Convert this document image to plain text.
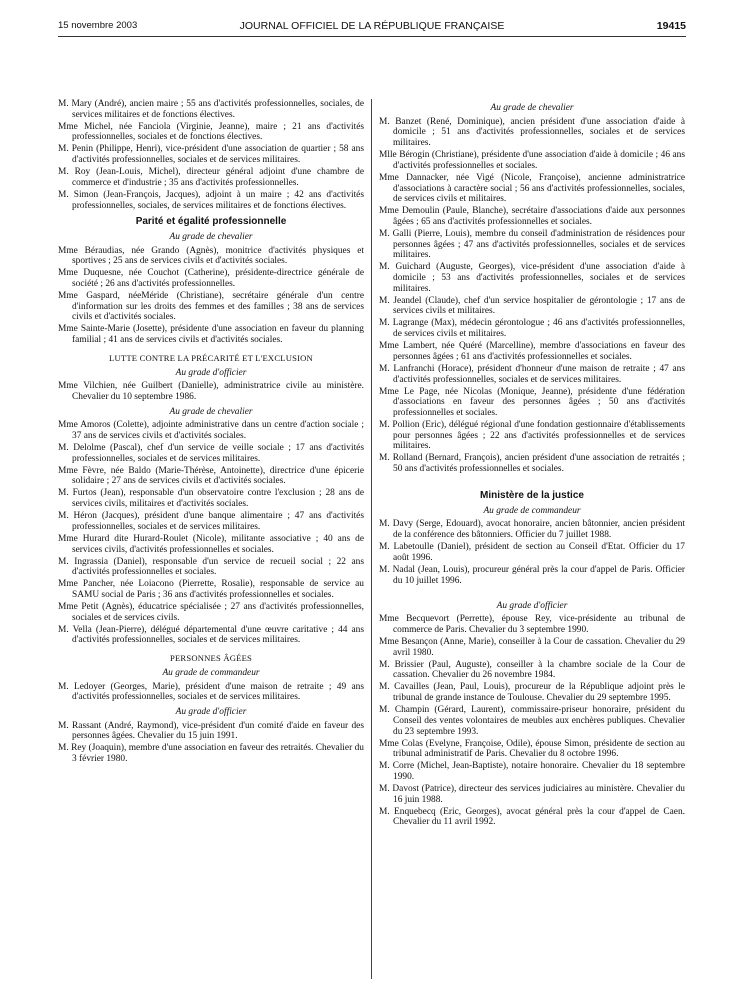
15 novembre 2003	JOURNAL OFFICIEL DE LA RÉPUBLIQUE FRANÇAISE	19415

M. Mary (André), ancien maire ; 55 ans d'activités professionnelles, sociales, de services militaires et de fonctions électives.

Mme Michel, née Fanciola (Virginie, Jeanne), maire ; 21 ans d'activités professionnelles, sociales et de fonctions électives.

M. Penin (Philippe, Henri), vice-président d'une association de quartier ; 58 ans d'activités professionnelles, sociales et de services militaires.

M. Roy (Jean-Louis, Michel), directeur général adjoint d'une chambre de commerce et d'industrie ; 35 ans d'activités professionnelles.

M. Simon (Jean-François, Jacques), adjoint à un maire ; 42 ans d'activités professionnelles, sociales, de services militaires et de fonctions électives.

Parité et égalité professionnelle

Au grade de chevalier

Mme Béraudias, née Grando (Agnès), monitrice d'activités physiques et sportives ; 25 ans de services civils et d'activités sociales.

Mme Duquesne, née Couchot (Catherine), présidente-directrice générale de société ; 26 ans d'activités professionnelles.

Mme Gaspard, néeMéride (Christiane), secrétaire générale d'un centre d'information sur les droits des femmes et des familles ; 38 ans de services civils et d'activités sociales.

Mme Sainte-Marie (Josette), présidente d'une association en faveur du planning familial ; 41 ans de services civils et d'activités sociales.

LUTTE CONTRE LA PRÉCARITÉ ET L'EXCLUSION

Au grade d'officier

Mme Vilchien, née Guilbert (Danielle), administratrice civile au ministère. Chevalier du 10 septembre 1986.

Au grade de chevalier

Mme Amoros (Colette), adjointe administrative dans un centre d'action sociale ; 37 ans de services civils et d'activités sociales.

M. Delolme (Pascal), chef d'un service de veille sociale ; 17 ans d'activités professionnelles, sociales et de services militaires.

Mme Fèvre, née Baldo (Marie-Thérèse, Antoinette), directrice d'une épicerie solidaire ; 27 ans de services civils et d'activités sociales.

M. Furtos (Jean), responsable d'un observatoire contre l'exclusion ; 28 ans de services civils, militaires et d'activités sociales.

M. Héron (Jacques), président d'une banque alimentaire ; 47 ans d'activités professionnelles, sociales et de services militaires.

Mme Hurard dite Hurard-Roulet (Nicole), militante associative ; 40 ans de services civils, d'activités professionnelles et sociales.

M. Ingrassia (Daniel), responsable d'un service de recueil social ; 22 ans d'activités professionnelles et sociales.

Mme Pancher, née Loiacono (Pierrette, Rosalie), responsable de service au SAMU social de Paris ; 36 ans d'activités professionnelles et sociales.

Mme Petit (Agnès), éducatrice spécialisée ; 27 ans d'activités professionnelles, sociales et de services civils.

M. Vella (Jean-Pierre), délégué départemental d'une œuvre caritative ; 44 ans d'activités professionnelles, sociales et de services militaires.

PERSONNES ÂGÉES

Au grade de commandeur

M. Ledoyer (Georges, Marie), président d'une maison de retraite ; 49 ans d'activités professionnelles, sociales et de services militaires.

Au grade d'officier

M. Rassant (André, Raymond), vice-président d'un comité d'aide en faveur des personnes âgées. Chevalier du 15 juin 1991.

M. Rey (Joaquin), membre d'une association en faveur des retraités. Chevalier du 3 février 1980.

Au grade de chevalier

M. Banzet (René, Dominique), ancien président d'une association d'aide à domicile ; 51 ans d'activités professionnelles, sociales et de services militaires.

Mlle Bérogin (Christiane), présidente d'une association d'aide à domicile ; 46 ans d'activités professionnelles et sociales.

Mme Dannacker, née Vigé (Nicole, Françoise), ancienne administratrice d'associations à caractère social ; 56 ans d'activités professionnelles, sociales, de services civils et militaires.

Mme Demoulin (Paule, Blanche), secrétaire d'associations d'aide aux personnes âgées ; 65 ans d'activités professionnelles et sociales.

M. Galli (Pierre, Louis), membre du conseil d'administration de résidences pour personnes âgées ; 47 ans d'activités professionnelles, sociales et de services militaires.

M. Guichard (Auguste, Georges), vice-président d'une association d'aide à domicile ; 53 ans d'activités professionnelles, sociales et de services militaires.

M. Jeandel (Claude), chef d'un service hospitalier de gérontologie ; 17 ans de services civils et militaires.

M. Lagrange (Max), médecin gérontologue ; 46 ans d'activités professionnelles, de services civils et militaires.

Mme Lambert, née Quéré (Marcelline), membre d'associations en faveur des personnes âgées ; 61 ans d'activités professionnelles et sociales.

M. Lanfranchi (Horace), président d'honneur d'une maison de retraite ; 47 ans d'activités professionnelles, sociales et de services militaires.

Mme Le Page, née Nicolas (Monique, Jeanne), présidente d'une fédération d'associations en faveur des personnes âgées ; 50 ans d'activités professionnelles et sociales.

M. Pollion (Eric), délégué régional d'une fondation gestionnaire d'établissements pour personnes âgées ; 22 ans d'activités professionnelles et de services militaires.

M. Rolland (Bernard, François), ancien président d'une association de retraités ; 50 ans d'activités professionnelles et sociales.

Ministère de la justice

Au grade de commandeur

M. Davy (Serge, Edouard), avocat honoraire, ancien bâtonnier, ancien président de la conférence des bâtonniers. Officier du 7 juillet 1988.

M. Labetoulle (Daniel), président de section au Conseil d'Etat. Officier du 17 août 1996.

M. Nadal (Jean, Louis), procureur général près la cour d'appel de Paris. Officier du 10 juillet 1996.

Au grade d'officier

Mme Becquevort (Perrette), épouse Rey, vice-présidente au tribunal de commerce de Paris. Chevalier du 3 septembre 1990.

Mme Besançon (Anne, Marie), conseiller à la Cour de cassation. Chevalier du 29 avril 1980.

M. Brissier (Paul, Auguste), conseiller à la chambre sociale de la Cour de cassation. Chevalier du 26 novembre 1984.

M. Cavailles (Jean, Paul, Louis), procureur de la République adjoint près le tribunal de grande instance de Toulouse. Chevalier du 29 septembre 1995.

M. Champin (Gérard, Laurent), commissaire-priseur honoraire, président du Conseil des ventes volontaires de meubles aux enchères publiques. Chevalier du 23 septembre 1993.

Mme Colas (Evelyne, Françoise, Odile), épouse Simon, présidente de section au tribunal administratif de Paris. Chevalier du 8 octobre 1996.

M. Corre (Michel, Jean-Baptiste), notaire honoraire. Chevalier du 18 septembre 1990.

M. Davost (Patrice), directeur des services judiciaires au ministère. Chevalier du 16 juin 1988.

M. Enquebecq (Eric, Georges), avocat général près la cour d'appel de Caen. Chevalier du 11 avril 1992.
